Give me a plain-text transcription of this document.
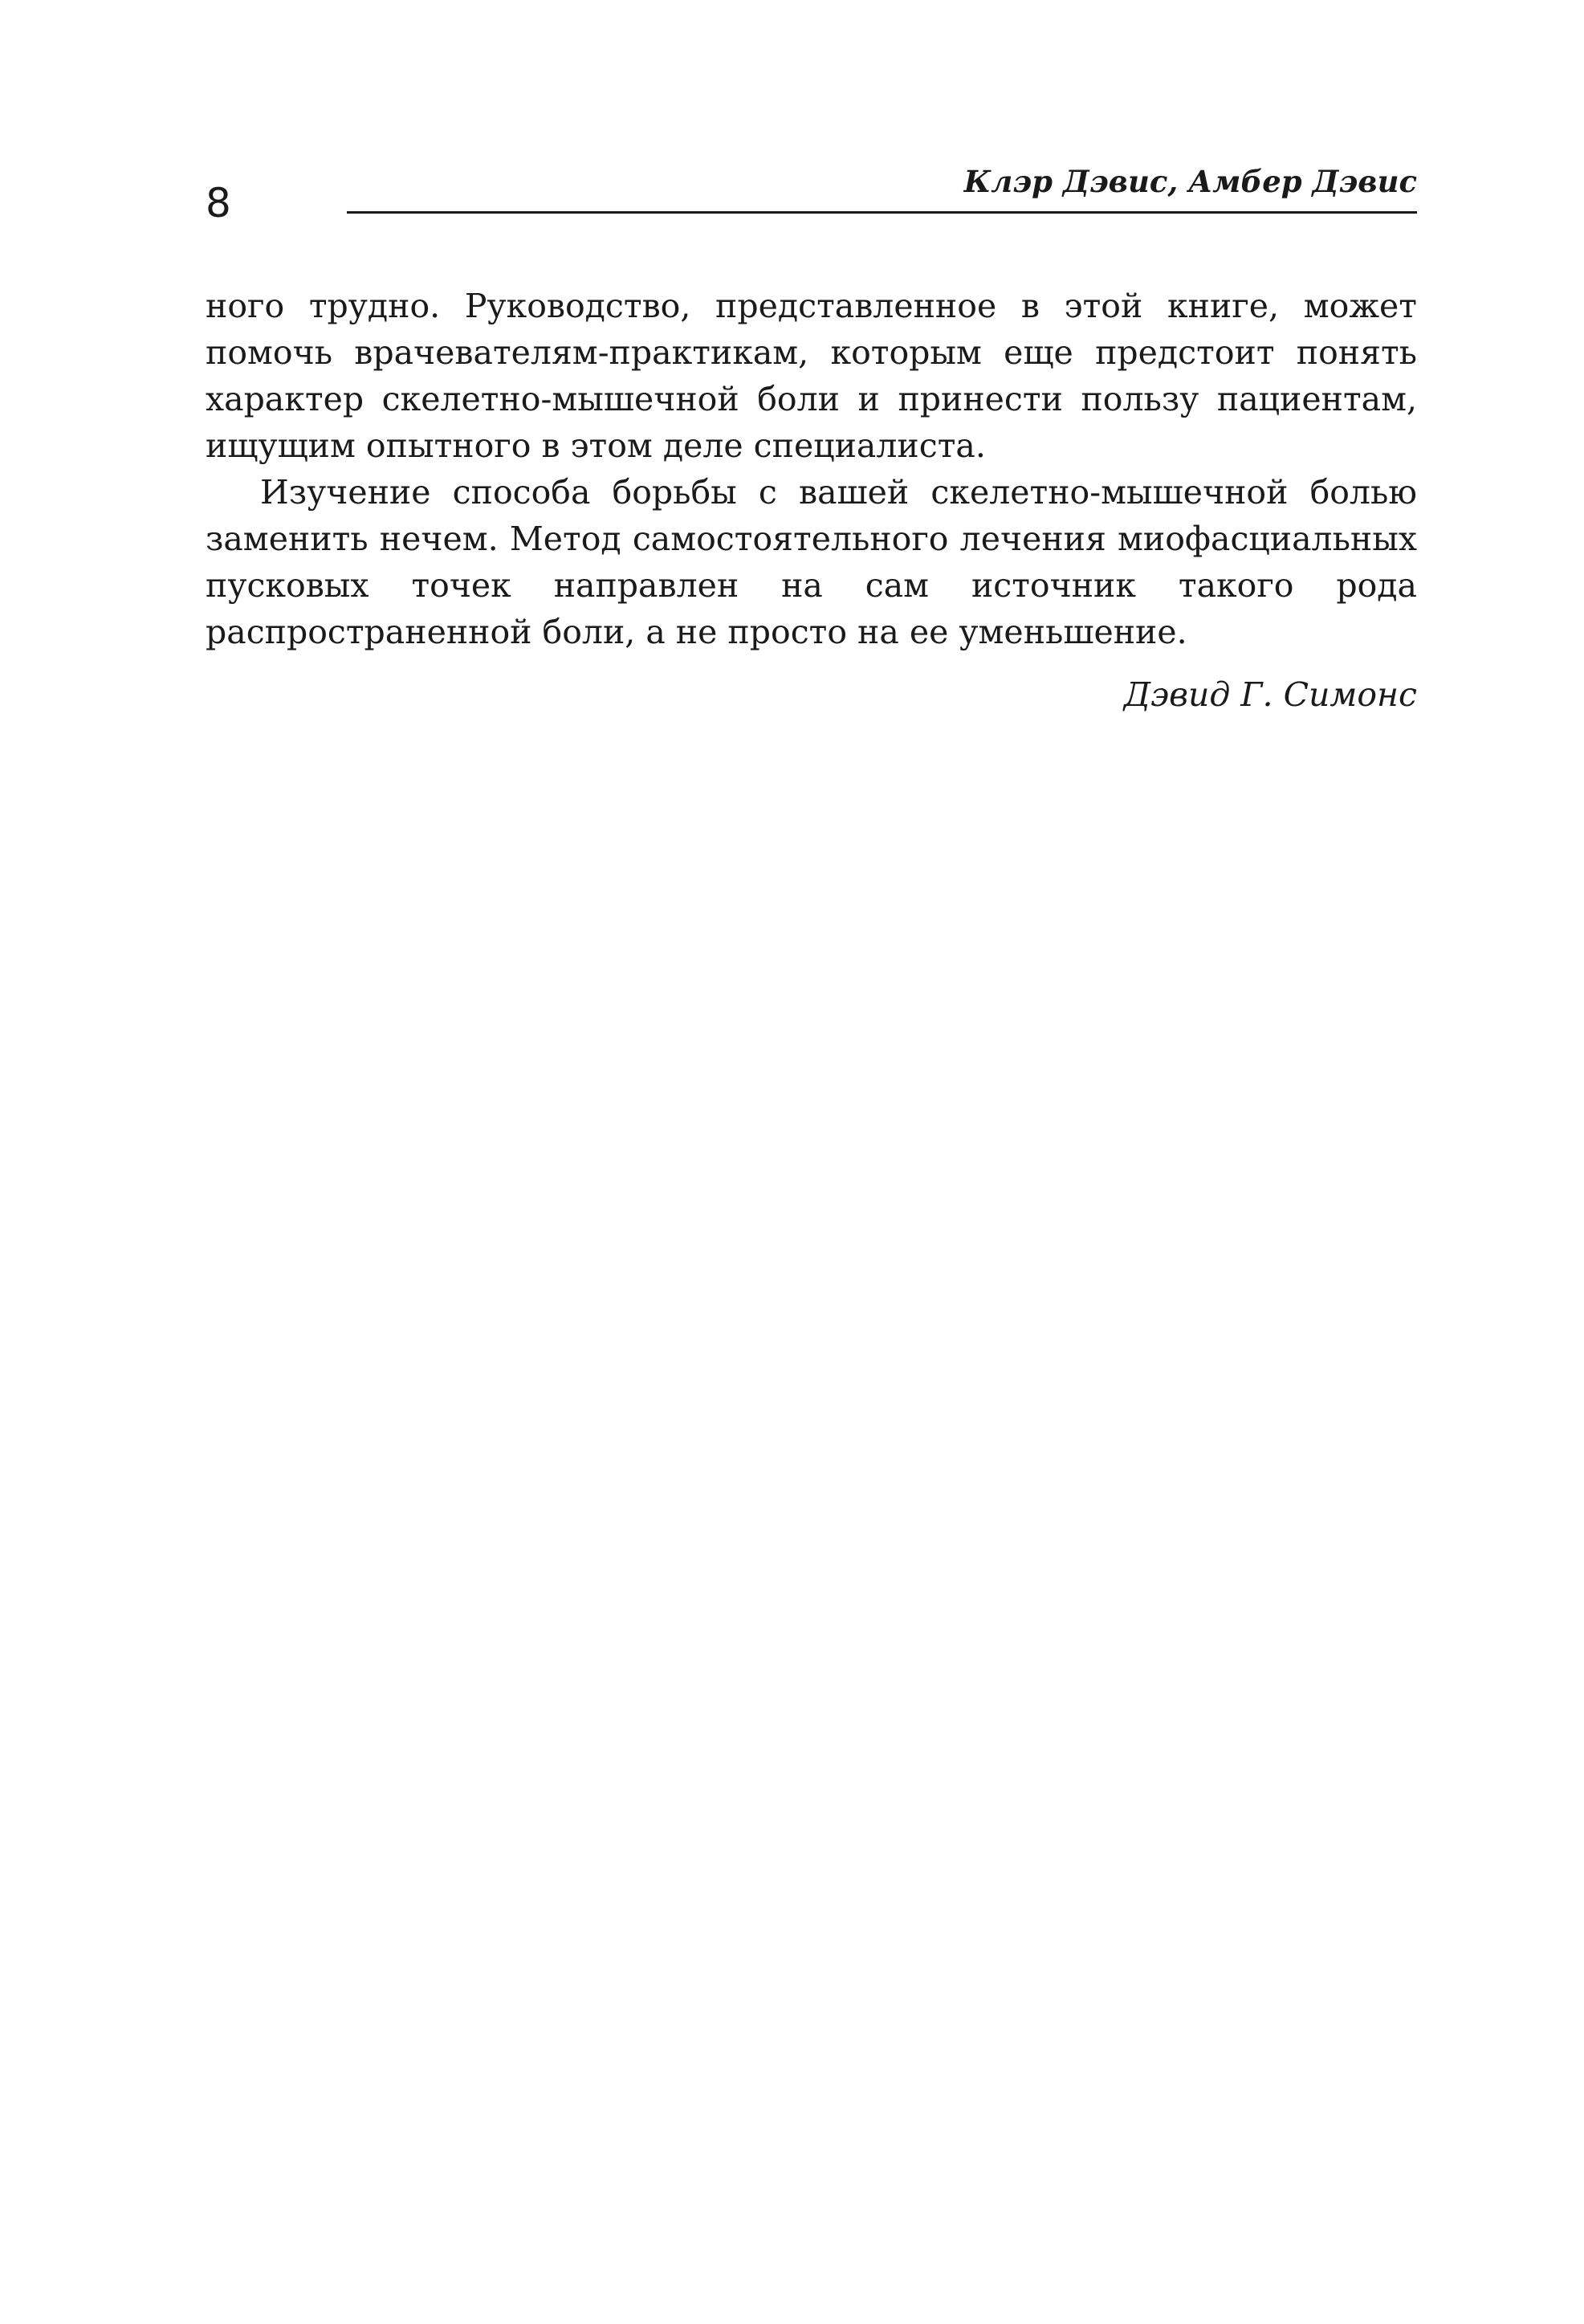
8	Клэр Дэвис, Амбер Дэвис

ного трудно. Руководство, представленное в этой книге, может помочь врачевателям-практикам, которым еще предстоит понять характер скелетно-мышечной боли и принести пользу пациентам, ищущим опытного в этом деле специалиста.

Изучение способа борьбы с вашей скелетно-мышечной болью заменить нечем. Метод самостоятельного лечения миофасциальных пусковых точек направлен на сам источник такого рода распространенной боли, а не просто на ее уменьшение.

Дэвид Г. Симонс
